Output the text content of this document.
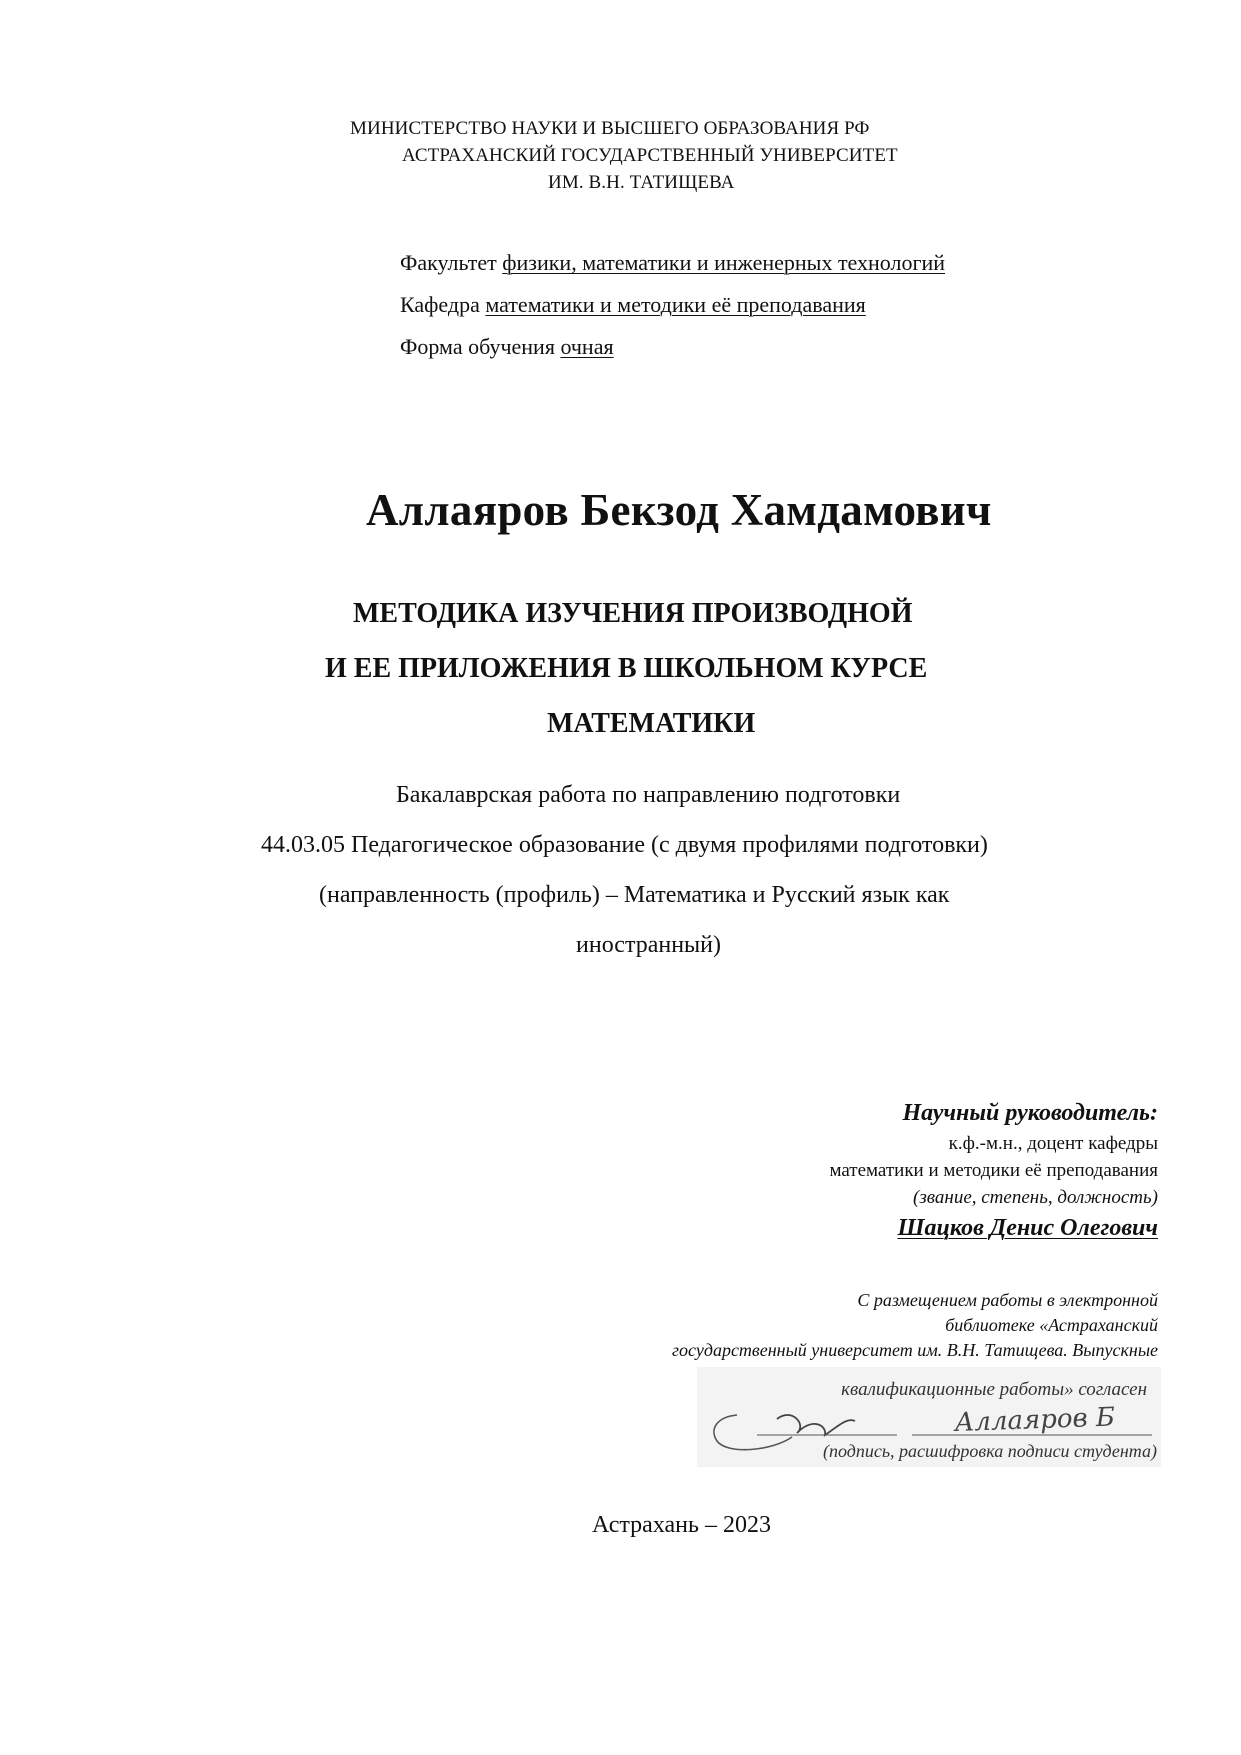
МИНИСТЕРСТВО НАУКИ И ВЫСШЕГО ОБРАЗОВАНИЯ РФ
АСТРАХАНСКИЙ ГОСУДАРСТВЕННЫЙ УНИВЕРСИТЕТ
ИМ. В.Н. ТАТИЩЕВА
Факультет физики, математики и инженерных технологий
Кафедра математики и методики её преподавания
Форма обучения очная
Аллаяров Бекзод Хамдамович
МЕТОДИКА ИЗУЧЕНИЯ ПРОИЗВОДНОЙ
И ЕЕ ПРИЛОЖЕНИЯ В ШКОЛЬНОМ КУРСЕ
МАТЕМАТИКИ
Бакалаврская работа по направлению подготовки
44.03.05 Педагогическое образование (с двумя профилями подготовки)
(направленность (профиль) – Математика и Русский язык как
иностранный)
Научный руководитель:
к.ф.-м.н., доцент кафедры
математики и методики её преподавания
(звание, степень, должность)
Шацков Денис Олегович
С размещением работы в электронной
библиотеке «Астраханский
государственный университет им. В.Н. Татищева. Выпускные
квалификационные работы» согласен
Аллаяров Б
(подпись, расшифровка подписи студента)
Астрахань – 2023
